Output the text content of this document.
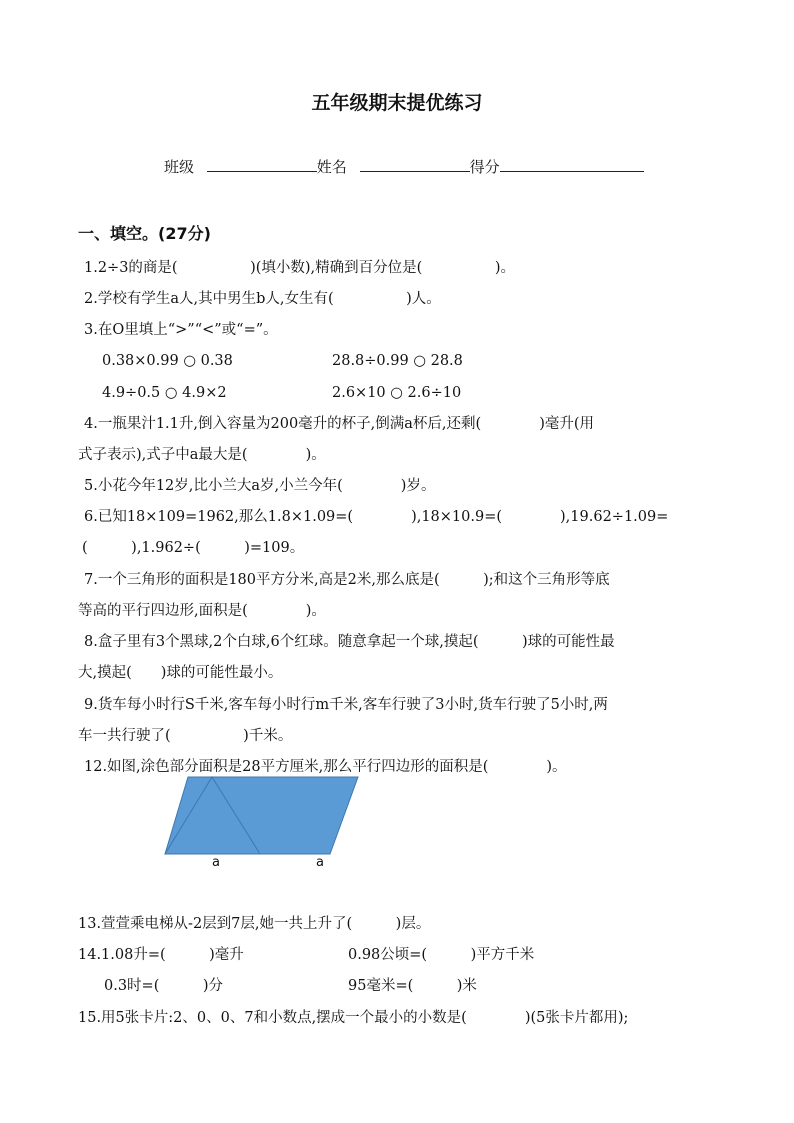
五年级期末提优练习
班级	姓名	得分
一、填空。(27分)
1.2÷3的商是(　　　　　)(填小数),精确到百分位是(　　　　　)。
2.学校有学生a人,其中男生b人,女生有(　　　　　)人。
3.在O里填上“>”“<”或“=”。
0.38×0.99 ○ 0.38	28.8÷0.99 ○ 28.8
4.9÷0.5 ○ 4.9×2	2.6×10 ○ 2.6÷10
4.一瓶果汁1.1升,倒入容量为200毫升的杯子,倒满a杯后,还剩(　　　　)毫升(用
式子表示),式子中a最大是(　　　　)。
5.小花今年12岁,比小兰大a岁,小兰今年(　　　　)岁。
6.已知18×109=1962,那么1.8×1.09=(　　　　),18×10.9=(　　　　),19.62÷1.09=
(　　　),1.962÷(　　　)=109。
7.一个三角形的面积是180平方分米,高是2米,那么底是(　　　);和这个三角形等底
等高的平行四边形,面积是(　　　　)。
8.盒子里有3个黑球,2个白球,6个红球。随意拿起一个球,摸起(　　　)球的可能性最
大,摸起(　　)球的可能性最小。
9.货车每小时行S千米,客车每小时行m千米,客车行驶了3小时,货车行驶了5小时,两
车一共行驶了(　　　　　)千米。
12.如图,涂色部分面积是28平方厘米,那么平行四边形的面积是(　　　　)。
a	a
13.萱萱乘电梯从-2层到7层,她一共上升了(　　　)层。
14.1.08升=(　　　)毫升	0.98公顷=(　　　)平方千米
0.3时=(　　　)分	95毫米=(　　　)米
15.用5张卡片:2、0、0、7和小数点,摆成一个最小的小数是(　　　　)(5张卡片都用);
